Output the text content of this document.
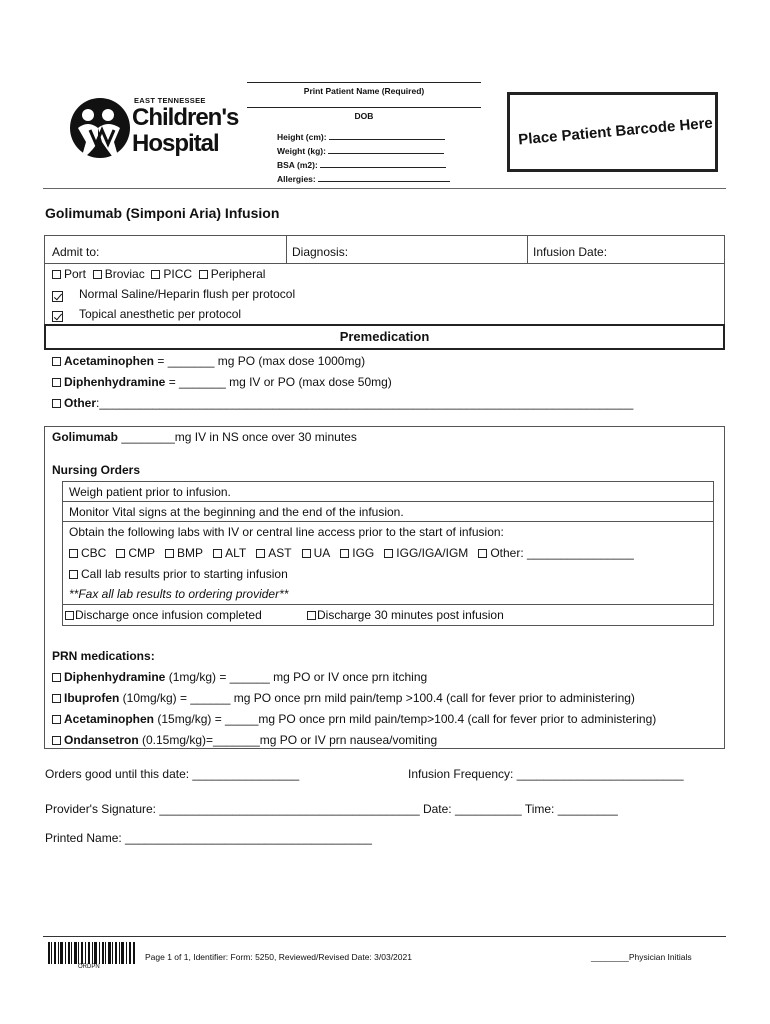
EAST TENNESSEE
Children's
Hospital
Print Patient Name (Required)
DOB
Height (cm):
Weight (kg):
BSA (m2):
Allergies:
Place Patient Barcode Here
Golimumab (Simponi Aria) Infusion
Admit to:	Diagnosis:	Infusion Date:
Port Broviac PICC Peripheral
Normal Saline/Heparin flush per protocol
Topical anesthetic per protocol
Premedication
Acetaminophen = _______ mg PO (max dose 1000mg)
Diphenhydramine = _______ mg IV or PO (max dose 50mg)
Other:________________________________________________________________________________
Golimumab ________mg IV in NS once over 30 minutes
Nursing Orders
Weigh patient prior to infusion.
Monitor Vital signs at the beginning and the end of the infusion.
Obtain the following labs with IV or central line access prior to the start of infusion:
CBC CMP BMP ALT AST UA IGG IGG/IGA/IGM Other: ________________
Call lab results prior to starting infusion
**Fax all lab results to ordering provider**
Discharge once infusion completed	Discharge 30 minutes post infusion
PRN medications:
Diphenhydramine (1mg/kg) = ______ mg PO or IV once prn itching
Ibuprofen (10mg/kg) = ______ mg PO once prn mild pain/temp >100.4 (call for fever prior to administering)
Acetaminophen (15mg/kg) = _____mg PO once prn mild pain/temp>100.4 (call for fever prior to administering)
Ondansetron (0.15mg/kg)=_______mg PO or IV prn nausea/vomiting
Orders good until this date: ________________	Infusion Frequency: _________________________
Provider's Signature: _______________________________________ Date: __________ Time: _________
Printed Name: _____________________________________
ORDPN
Page 1 of 1, Identifier: Form: 5250, Reviewed/Revised Date: 3/03/2021	________Physician Initials
